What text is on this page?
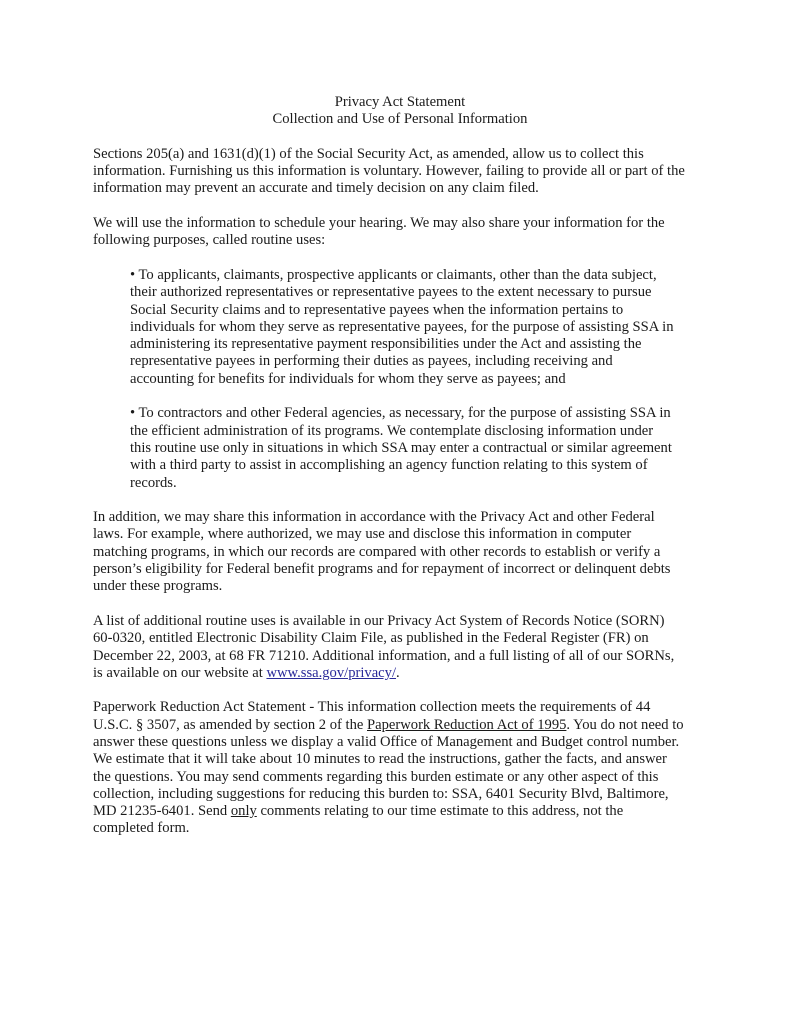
Privacy Act Statement
Collection and Use of Personal Information
Sections 205(a) and 1631(d)(1) of the Social Security Act, as amended, allow us to collect this
information. Furnishing us this information is voluntary. However, failing to provide all or part of the
information may prevent an accurate and timely decision on any claim filed.
We will use the information to schedule your hearing. We may also share your information for the
following purposes, called routine uses:
• To applicants, claimants, prospective applicants or claimants, other than the data subject,
their authorized representatives or representative payees to the extent necessary to pursue
Social Security claims and to representative payees when the information pertains to
individuals for whom they serve as representative payees, for the purpose of assisting SSA in
administering its representative payment responsibilities under the Act and assisting the
representative payees in performing their duties as payees, including receiving and
accounting for benefits for individuals for whom they serve as payees; and
• To contractors and other Federal agencies, as necessary, for the purpose of assisting SSA in
the efficient administration of its programs. We contemplate disclosing information under
this routine use only in situations in which SSA may enter a contractual or similar agreement
with a third party to assist in accomplishing an agency function relating to this system of
records.
In addition, we may share this information in accordance with the Privacy Act and other Federal
laws. For example, where authorized, we may use and disclose this information in computer
matching programs, in which our records are compared with other records to establish or verify a
person’s eligibility for Federal benefit programs and for repayment of incorrect or delinquent debts
under these programs.
A list of additional routine uses is available in our Privacy Act System of Records Notice (SORN)
60-0320, entitled Electronic Disability Claim File, as published in the Federal Register (FR) on
December 22, 2003, at 68 FR 71210. Additional information, and a full listing of all of our SORNs,
is available on our website at www.ssa.gov/privacy/.
Paperwork Reduction Act Statement - This information collection meets the requirements of 44
U.S.C. § 3507, as amended by section 2 of the Paperwork Reduction Act of 1995. You do not need to
answer these questions unless we display a valid Office of Management and Budget control number.
We estimate that it will take about 10 minutes to read the instructions, gather the facts, and answer
the questions. You may send comments regarding this burden estimate or any other aspect of this
collection, including suggestions for reducing this burden to: SSA, 6401 Security Blvd, Baltimore,
MD 21235-6401. Send only comments relating to our time estimate to this address, not the
completed form.
